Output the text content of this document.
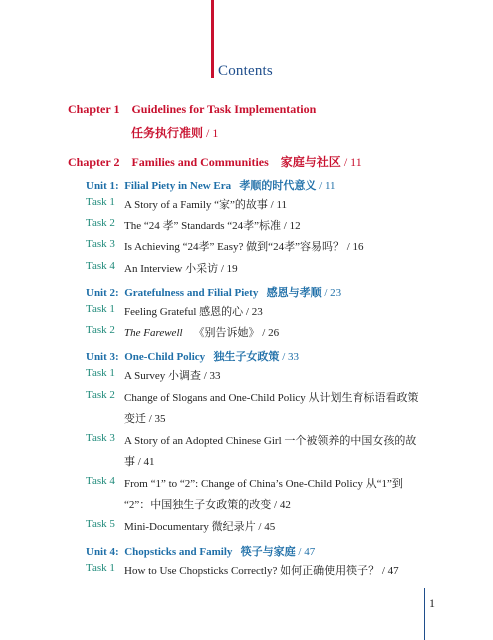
Contents
Chapter 1 Guidelines for Task Implementation
任务执行准则 / 1
Chapter 2 Families and Communities 家庭与社区 / 11
Unit 1: Filial Piety in New Era 孝顺的时代意义 / 11
Task 1 A Story of a Family “家”的故事 / 11
Task 2 The “24 孝” Standards “24孝”标准 / 12
Task 3 Is Achieving “24孝” Easy? 做到“24孝”容易吗？ / 16
Task 4 An Interview 小采访 / 19
Unit 2: Gratefulness and Filial Piety 感恩与孝顺 / 23
Task 1 Feeling Grateful 感恩的心 / 23
Task 2 The Farewell    《别告诉她》 / 26
Unit 3: One-Child Policy 独生子女政策 / 33
Task 1 A Survey 小调查 / 33
Task 2 Change of Slogans and One-Child Policy 从计划生育标语看政策
变迁 / 35
Task 3 A Story of an Adopted Chinese Girl 一个被领养的中国女孩的故
事 / 41
Task 4 From “1” to “2”: Change of China’s One-Child Policy 从“1”到
“2”：中国独生子女政策的改变 / 42
Task 5 Mini-Documentary 微纪录片 / 45
Unit 4: Chopsticks and Family 筷子与家庭 / 47
Task 1 How to Use Chopsticks Correctly? 如何正确使用筷子？ / 47
1
